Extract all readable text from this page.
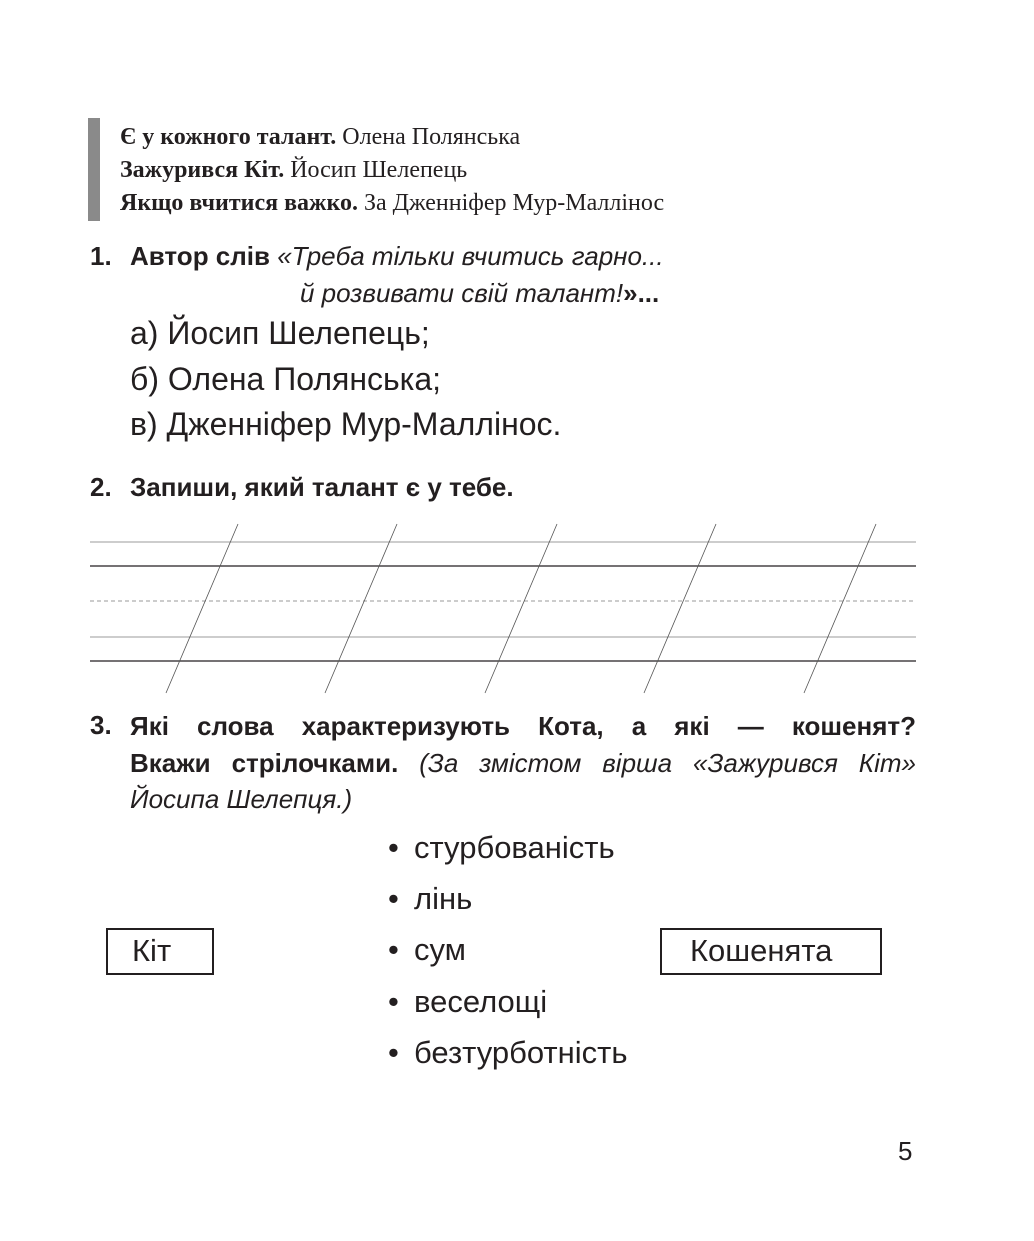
Є у кожного талант. Олена Полянська
Зажурився Кіт. Йосип Шелепець
Якщо вчитися важко. За Дженніфер Мур-Маллінос
1. Автор слів «Треба тільки вчитись гарно...
й розвивати свій талант!»...
а) Йосип Шелепець;
б) Олена Полянська;
в) Дженніфер Мур-Маллінос.
2. Запиши, який талант є у тебе.
3. Які слова характеризують Кота, а які — кошенят?
Вкажи стрілочками. (За змістом вірша «Зажурився Кіт»
Йосипа Шелепця.)
• стурбованість
• лінь
• сум
• веселощі
• безтурботність
Кіт	Кошенята
5
